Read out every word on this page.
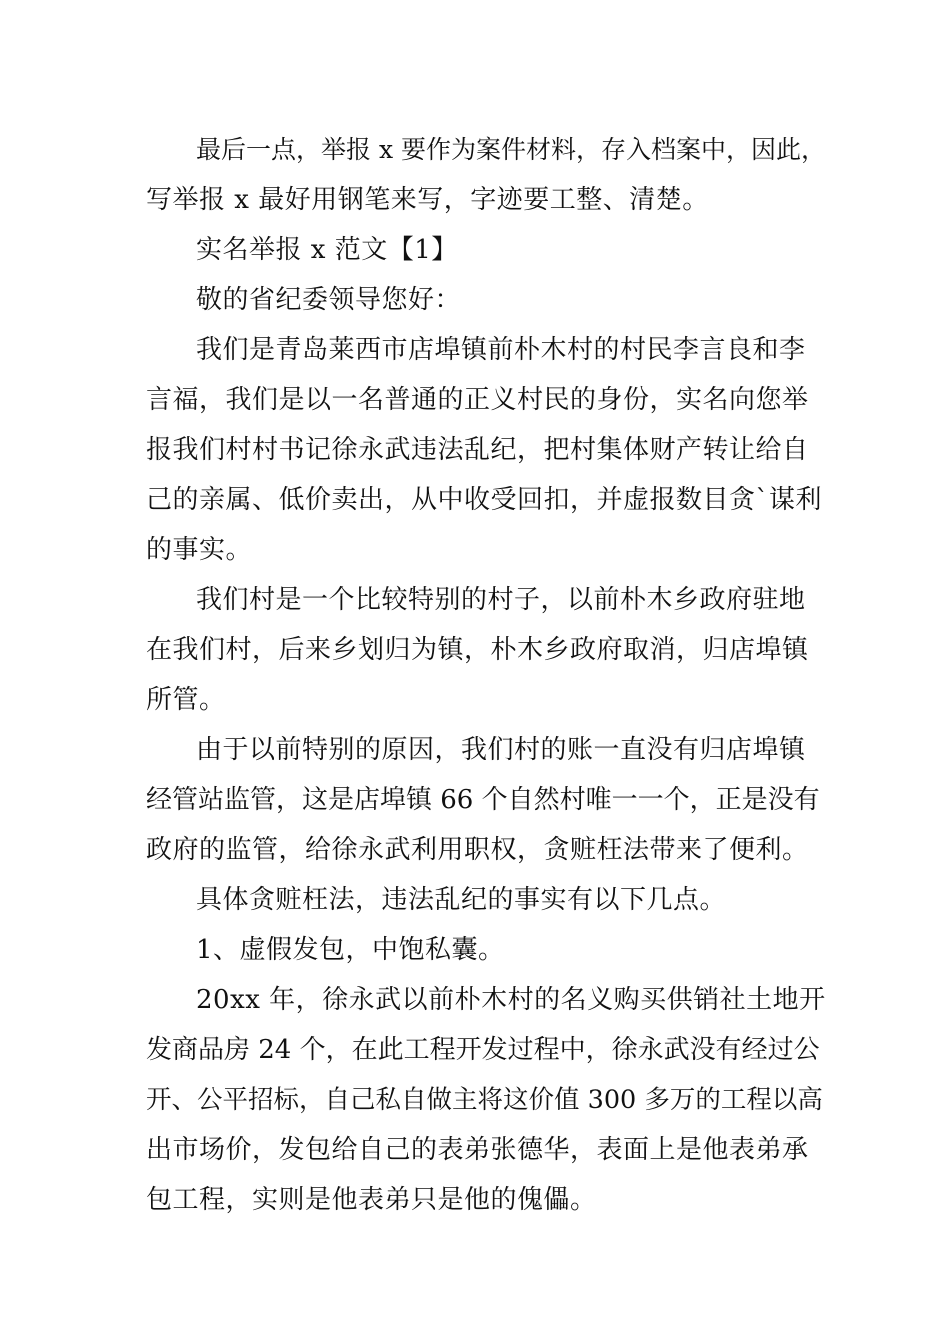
最后一点，举报 x 要作为案件材料，存入档案中，因此，

写举报 x 最好用钢笔来写，字迹要工整、清楚。

实名举报 x 范文【1】

敬的省纪委领导您好：

我们是青岛莱西市店埠镇前朴木村的村民李言良和李

言福，我们是以一名普通的正义村民的身份，实名向您举

报我们村村书记徐永武违法乱纪，把村集体财产转让给自

己的亲属、低价卖出，从中收受回扣，并虚报数目贪`谋利

的事实。

我们村是一个比较特别的村子，以前朴木乡政府驻地

在我们村，后来乡划归为镇，朴木乡政府取消，归店埠镇

所管。

由于以前特别的原因，我们村的账一直没有归店埠镇

经管站监管，这是店埠镇 66 个自然村唯一一个，正是没有

政府的监管，给徐永武利用职权，贪赃枉法带来了便利。

具体贪赃枉法，违法乱纪的事实有以下几点。

1、虚假发包，中饱私囊。

20xx 年，徐永武以前朴木村的名义购买供销社土地开

发商品房 24 个，在此工程开发过程中，徐永武没有经过公

开、公平招标，自己私自做主将这价值 300 多万的工程以高

出市场价，发包给自己的表弟张德华，表面上是他表弟承

包工程，实则是他表弟只是他的傀儡。
